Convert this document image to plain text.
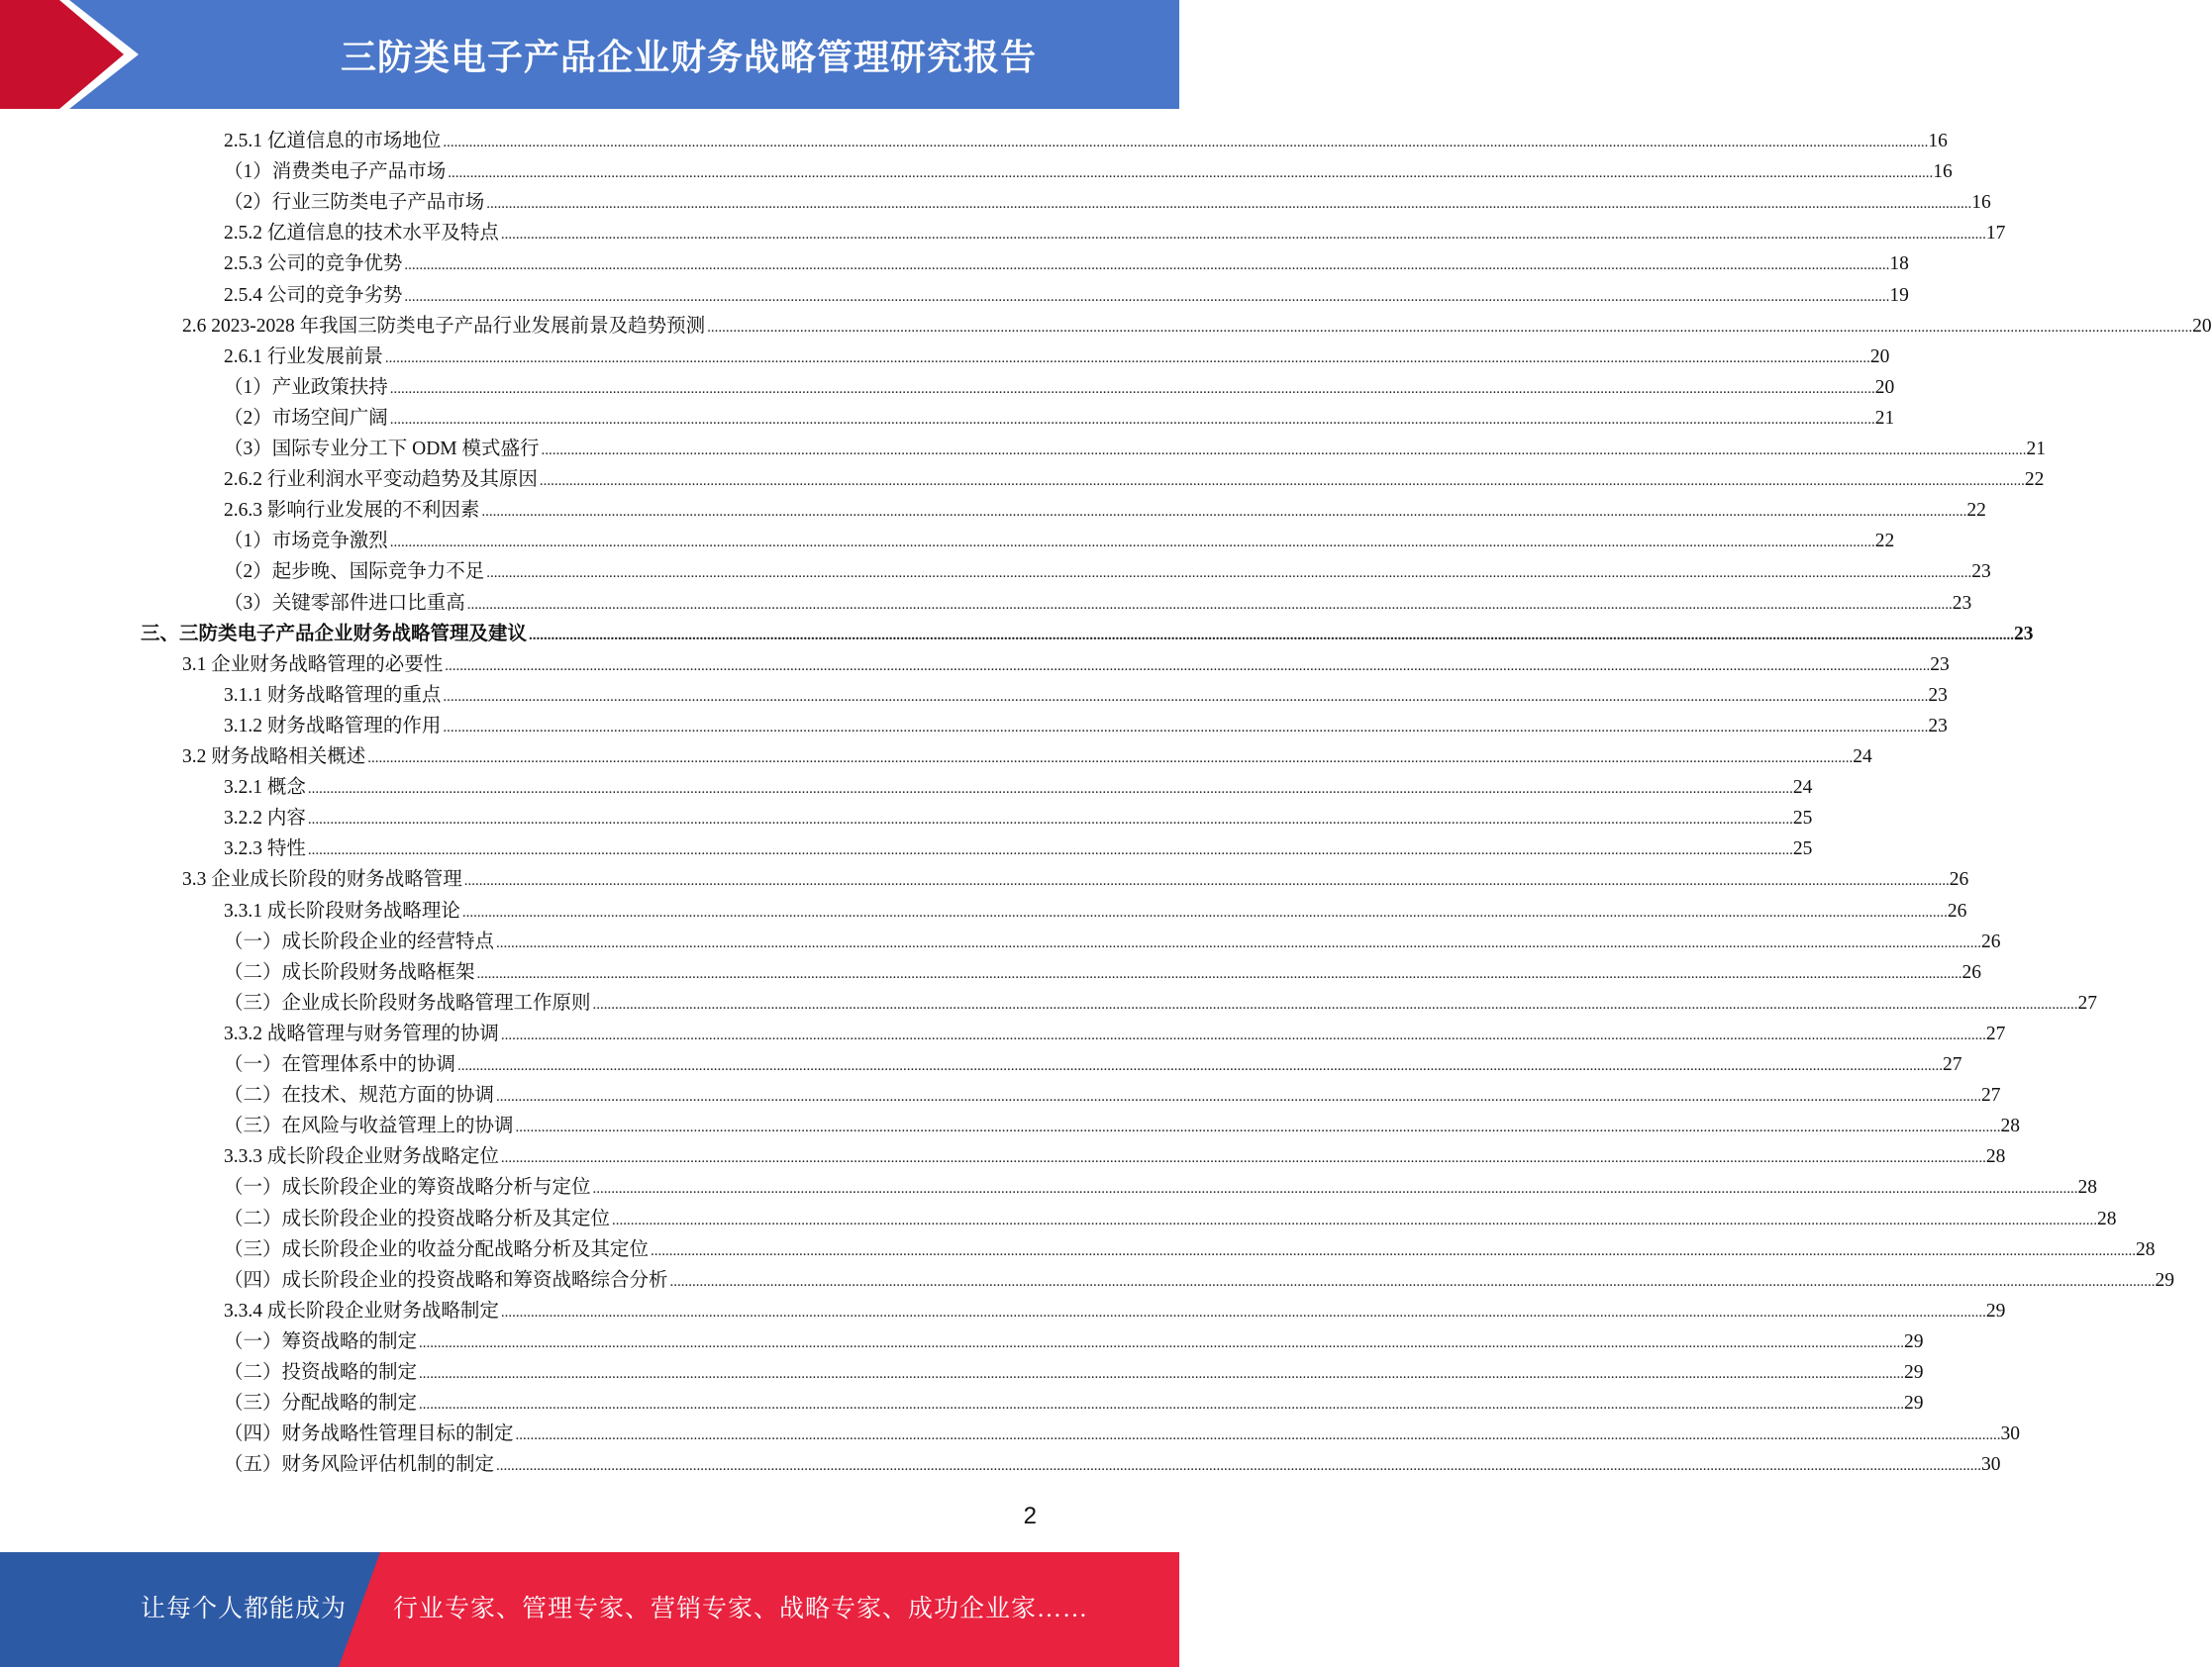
三防类电子产品企业财务战略管理研究报告
2.5.1 亿道信息的市场地位 ................................................................................................................................................................................................................................................................................................................................................................................................................ 16
（1）消费类电子产品市场 ................................................................................................................................................................................................................................................................................................................................................................................................................ 16
（2）行业三防类电子产品市场 ................................................................................................................................................................................................................................................................................................................................................................................................................ 16
2.5.2 亿道信息的技术水平及特点 ................................................................................................................................................................................................................................................................................................................................................................................................................ 17
2.5.3 公司的竞争优势 ................................................................................................................................................................................................................................................................................................................................................................................................................ 18
2.5.4 公司的竞争劣势 ................................................................................................................................................................................................................................................................................................................................................................................................................ 19
2.6 2023-2028 年我国三防类电子产品行业发展前景及趋势预测 ................................................................................................................................................................................................................................................................................................................................................................................................................ 20
2.6.1 行业发展前景 ................................................................................................................................................................................................................................................................................................................................................................................................................ 20
（1）产业政策扶持 ................................................................................................................................................................................................................................................................................................................................................................................................................ 20
（2）市场空间广阔 ................................................................................................................................................................................................................................................................................................................................................................................................................ 21
（3）国际专业分工下 ODM 模式盛行 ................................................................................................................................................................................................................................................................................................................................................................................................................ 21
2.6.2 行业利润水平变动趋势及其原因 ................................................................................................................................................................................................................................................................................................................................................................................................................ 22
2.6.3 影响行业发展的不利因素 ................................................................................................................................................................................................................................................................................................................................................................................................................ 22
（1）市场竞争激烈 ................................................................................................................................................................................................................................................................................................................................................................................................................ 22
（2）起步晚、国际竞争力不足 ................................................................................................................................................................................................................................................................................................................................................................................................................ 23
（3）关键零部件进口比重高 ................................................................................................................................................................................................................................................................................................................................................................................................................ 23
三、三防类电子产品企业财务战略管理及建议 ................................................................................................................................................................................................................................................................................................................................................................................................................ 23
3.1 企业财务战略管理的必要性 ................................................................................................................................................................................................................................................................................................................................................................................................................ 23
3.1.1 财务战略管理的重点 ................................................................................................................................................................................................................................................................................................................................................................................................................ 23
3.1.2 财务战略管理的作用 ................................................................................................................................................................................................................................................................................................................................................................................................................ 23
3.2 财务战略相关概述 ................................................................................................................................................................................................................................................................................................................................................................................................................ 24
3.2.1 概念 ................................................................................................................................................................................................................................................................................................................................................................................................................ 24
3.2.2 内容 ................................................................................................................................................................................................................................................................................................................................................................................................................ 25
3.2.3 特性 ................................................................................................................................................................................................................................................................................................................................................................................................................ 25
3.3 企业成长阶段的财务战略管理 ................................................................................................................................................................................................................................................................................................................................................................................................................ 26
3.3.1 成长阶段财务战略理论 ................................................................................................................................................................................................................................................................................................................................................................................................................ 26
（一）成长阶段企业的经营特点 ................................................................................................................................................................................................................................................................................................................................................................................................................ 26
（二）成长阶段财务战略框架 ................................................................................................................................................................................................................................................................................................................................................................................................................ 26
（三）企业成长阶段财务战略管理工作原则 ................................................................................................................................................................................................................................................................................................................................................................................................................ 27
3.3.2 战略管理与财务管理的协调 ................................................................................................................................................................................................................................................................................................................................................................................................................ 27
（一）在管理体系中的协调 ................................................................................................................................................................................................................................................................................................................................................................................................................ 27
（二）在技术、规范方面的协调 ................................................................................................................................................................................................................................................................................................................................................................................................................ 27
（三）在风险与收益管理上的协调 ................................................................................................................................................................................................................................................................................................................................................................................................................ 28
3.3.3 成长阶段企业财务战略定位 ................................................................................................................................................................................................................................................................................................................................................................................................................ 28
（一）成长阶段企业的筹资战略分析与定位 ................................................................................................................................................................................................................................................................................................................................................................................................................ 28
（二）成长阶段企业的投资战略分析及其定位 ................................................................................................................................................................................................................................................................................................................................................................................................................ 28
（三）成长阶段企业的收益分配战略分析及其定位 ................................................................................................................................................................................................................................................................................................................................................................................................................ 28
（四）成长阶段企业的投资战略和筹资战略综合分析 ................................................................................................................................................................................................................................................................................................................................................................................................................ 29
3.3.4 成长阶段企业财务战略制定 ................................................................................................................................................................................................................................................................................................................................................................................................................ 29
（一）筹资战略的制定 ................................................................................................................................................................................................................................................................................................................................................................................................................ 29
（二）投资战略的制定 ................................................................................................................................................................................................................................................................................................................................................................................................................ 29
（三）分配战略的制定 ................................................................................................................................................................................................................................................................................................................................................................................................................ 29
（四）财务战略性管理目标的制定 ................................................................................................................................................................................................................................................................................................................................................................................................................ 30
（五）财务风险评估机制的制定 ................................................................................................................................................................................................................................................................................................................................................................................................................ 30
2
让每个人都能成为 行业专家、管理专家、营销专家、战略专家、成功企业家……
